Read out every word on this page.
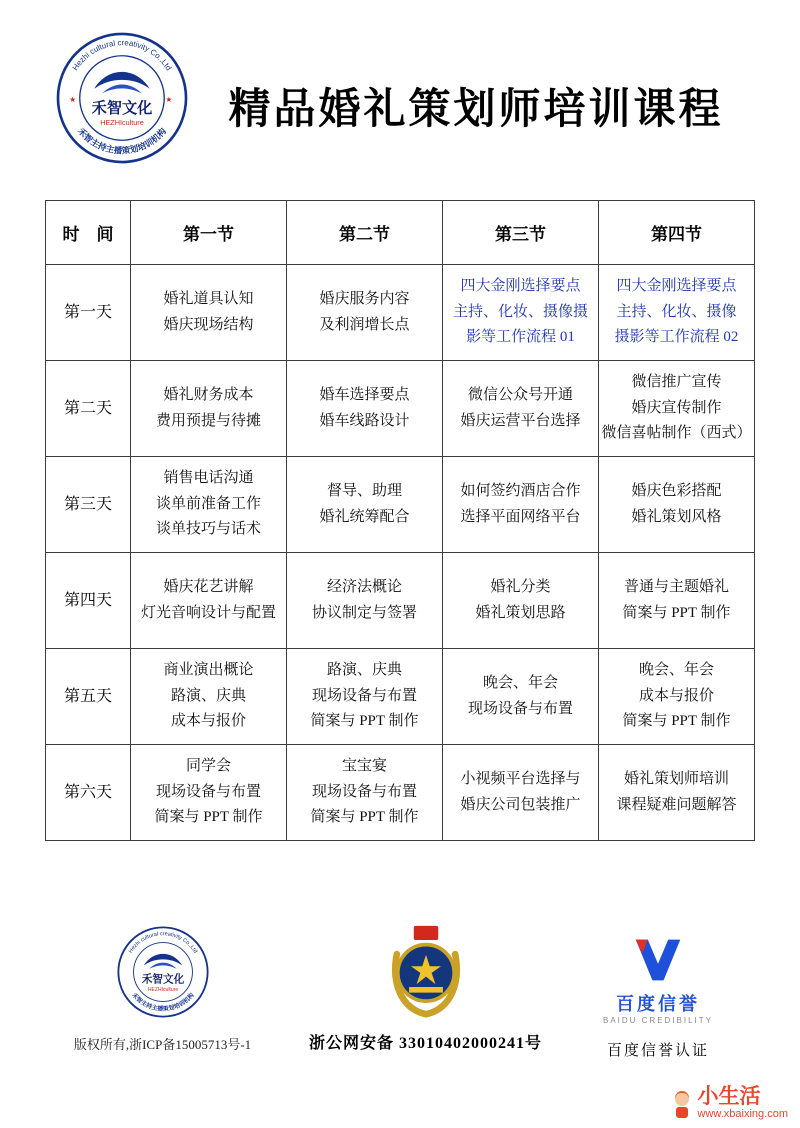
Hezhi cultural creativity Co.,Ltd
禾智主持主播策划培训机构
★	★
禾智文化
HEZHIculture	精品婚礼策划师培训课程
时　间	第一节	第二节	第三节	第四节
第一天	婚礼道具认知
婚庆现场结构	婚庆服务内容
及利润增长点	四大金刚选择要点
主持、化妆、摄像摄
影等工作流程 01	四大金刚选择要点
主持、化妆、摄像
摄影等工作流程 02
第二天	婚礼财务成本
费用预提与待摊	婚车选择要点
婚车线路设计	微信公众号开通
婚庆运营平台选择	微信推广宣传
婚庆宣传制作
微信喜帖制作（西式）
第三天	销售电话沟通
谈单前准备工作
谈单技巧与话术	督导、助理
婚礼统筹配合	如何签约酒店合作
选择平面网络平台	婚庆色彩搭配
婚礼策划风格
第四天	婚庆花艺讲解
灯光音响设计与配置	经济法概论
协议制定与签署	婚礼分类
婚礼策划思路	普通与主题婚礼
简案与 PPT 制作
第五天	商业演出概论
路演、庆典
成本与报价	路演、庆典
现场设备与布置
简案与 PPT 制作	晚会、年会
现场设备与布置	晚会、年会
成本与报价
简案与 PPT 制作
第六天	同学会
现场设备与布置
简案与 PPT 制作	宝宝宴
现场设备与布置
简案与 PPT 制作	小视频平台选择与
婚庆公司包装推广	婚礼策划师培训
课程疑难问题解答
Hezhi cultural creativity Co.,Ltd
禾智主持主播策划培训机构
禾智文化
HEZHIculture
版权所有,浙ICP备15005713号-1	浙公网安备 33010402000241号
百度信誉
BAIDU CREDIBILITY
百度信誉认证
小生活
www.xbaixing.com
